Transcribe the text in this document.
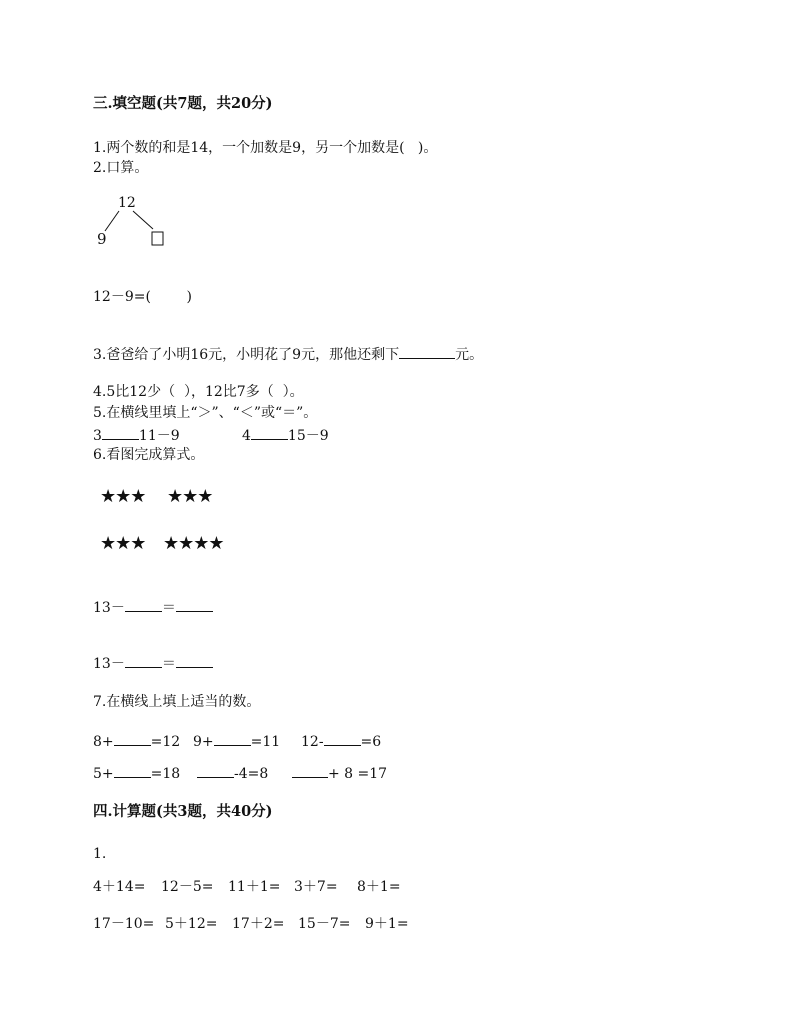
三.填空题(共7题，共20分)
1.两个数的和是14，一个加数是9，另一个加数是(   )。
2.口算。
12
9
12－9=(        )
3.爸爸给了小明16元，小明花了9元，那他还剩下	元。
4.5比12少（  ），12比7多（  ）。
5.在横线里填上“＞”、“＜”或“＝”。
3	11－9	4	15－9
6.看图完成算式。
★★★ ★★★
★★★ ★★★★
13－	＝
13－	＝
7.在横线上填上适当的数。
8+	=12 9+	=11 12-	=6
5+	=18	-4=8	+ 8 =17
四.计算题(共3题，共40分)
1.
4＋14= 12－5= 11＋1= 3＋7= 8＋1=
17－10= 5＋12= 17＋2= 15－7= 9＋1=
